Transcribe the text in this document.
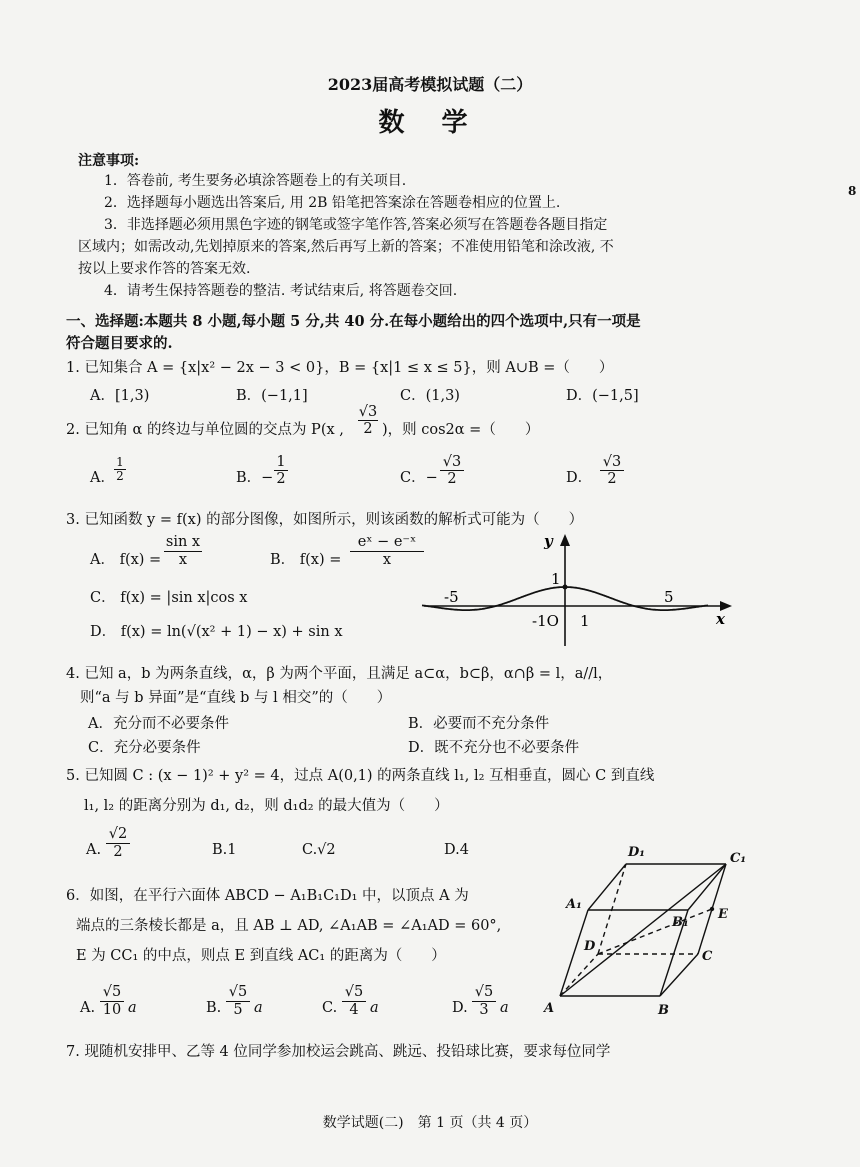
2023届高考模拟试题（二）
数 学
注意事项:
1．答卷前, 考生要务必填涂答题卷上的有关项目.
2．选择题每小题选出答案后, 用 2B 铅笔把答案涂在答题卷相应的位置上.
3．非选择题必须用黑色字迹的钢笔或签字笔作答,答案必须写在答题卷各题目指定
区域内；如需改动,先划掉原来的答案,然后再写上新的答案；不准使用铅笔和涂改液, 不
按以上要求作答的答案无效.
4．请考生保持答题卷的整洁. 考试结束后, 将答题卷交回.
8
一、选择题:本题共 8 小题,每小题 5 分,共 40 分.在每小题给出的四个选项中,只有一项是
符合题目要求的.
1. 已知集合 A = {x|x² − 2x − 3 < 0}，B = {x|1 ≤ x ≤ 5}，则 A∪B =（　　）
A．[1,3)	B．(−1,1]	C．(1,3)	D．(−1,5]
2. 已知角 α 的终边与单位圆的交点为 P(x ,
√3
2 )，则 cos2α =（　　）
A．
1
2	B．−
1
2	C．−
√3
2	D．
√3
2
3. 已知函数 y = f(x) 的部分图像，如图所示，则该函数的解析式可能为（　　）
A． f(x) =
sin x
x	B． f(x) =
eˣ − e⁻ˣ
x
C． f(x) = |sin x|cos x
D． f(x) = ln(√(x² + 1) − x) + sin x
x
y
-5	5
1
-1O 1
4. 已知 a，b 为两条直线，α，β 为两个平面，且满足 a⊂α，b⊂β，α∩β = l，a//l，
则“a 与 b 异面”是“直线 b 与 l 相交”的（　　）
A．充分而不必要条件	B．必要而不充分条件
C．充分必要条件	D．既不充分也不必要条件
5. 已知圆 C : (x − 1)² + y² = 4，过点 A(0,1) 的两条直线 l₁, l₂ 互相垂直，圆心 C 到直线
l₁, l₂ 的距离分别为 d₁, d₂，则 d₁d₂ 的最大值为（　　）
A.
√2
2	B.1	C.√2	D.4
6．如图，在平行六面体 ABCD − A₁B₁C₁D₁ 中，以顶点 A 为
端点的三条棱长都是 a，且 AB ⊥ AD, ∠A₁AB = ∠A₁AD = 60°,
E 为 CC₁ 的中点，则点 E 到直线 AC₁ 的距离为（　　）
A.
√5
10 a	B.
√5
5 a	C.
√5
4 a	D.
√5
3 a	A	B
C
D
A₁
B₁
C₁
D₁
E
7. 现随机安排甲、乙等 4 位同学参加校运会跳高、跳远、投铅球比赛，要求每位同学
数学试题(二)　第 1 页（共 4 页）
